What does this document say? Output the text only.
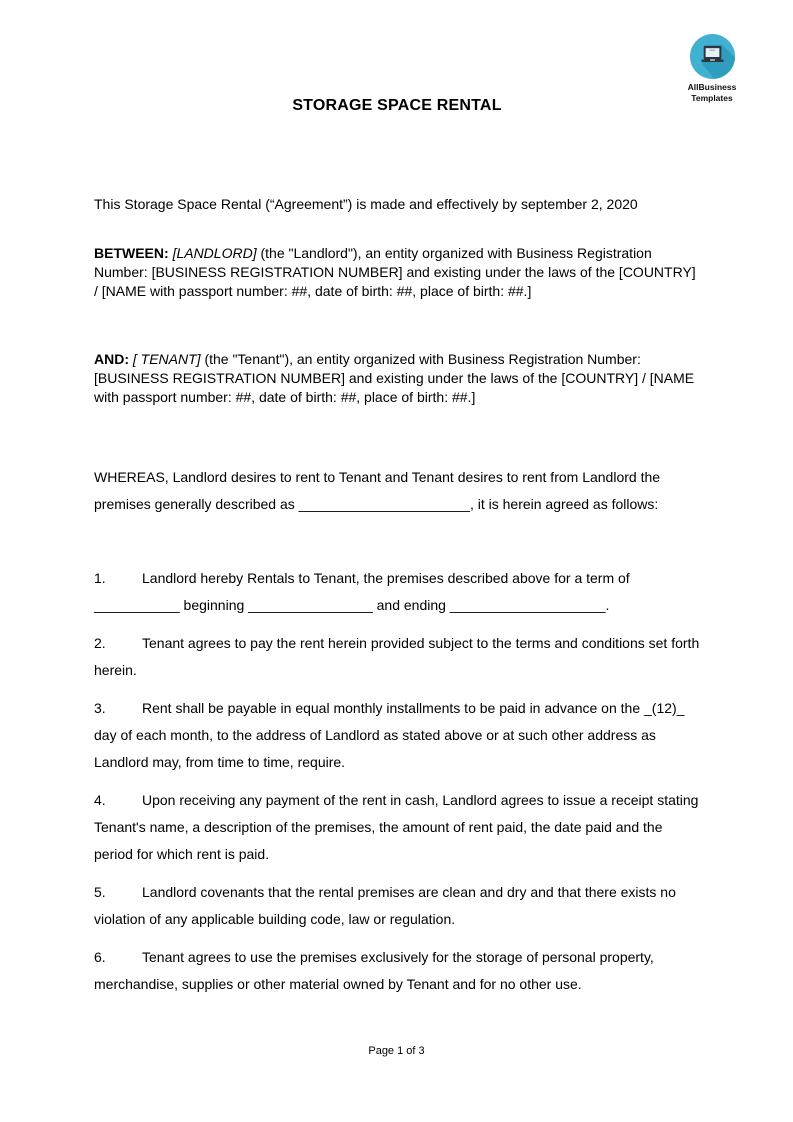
AllBusiness
Templates
STORAGE SPACE RENTAL

This Storage Space Rental (“Agreement”) is made and effectively by september 2, 2020

BETWEEN: [LANDLORD] (the "Landlord"), an entity organized with Business Registration Number: [BUSINESS REGISTRATION NUMBER] and existing under the laws of the [COUNTRY] / [NAME with passport number: ##, date of birth: ##, place of birth: ##.]

AND: [ TENANT] (the "Tenant"), an entity organized with Business Registration Number: [BUSINESS REGISTRATION NUMBER] and existing under the laws of the [COUNTRY] / [NAME with passport number: ##, date of birth: ##, place of birth: ##.]

WHEREAS, Landlord desires to rent to Tenant and Tenant desires to rent from Landlord the premises generally described as ______________________, it is herein agreed as follows:

1.	Landlord hereby Rentals to Tenant, the premises described above for a term of ___________ beginning ________________ and ending ____________________.

2.	Tenant agrees to pay the rent herein provided subject to the terms and conditions set forth herein.

3.	Rent shall be payable in equal monthly installments to be paid in advance on the _(12)_ day of each month, to the address of Landlord as stated above or at such other address as Landlord may, from time to time, require.

4.	Upon receiving any payment of the rent in cash, Landlord agrees to issue a receipt stating Tenant's name, a description of the premises, the amount of rent paid, the date paid and the period for which rent is paid.

5.	Landlord covenants that the rental premises are clean and dry and that there exists no violation of any applicable building code, law or regulation.

6.	Tenant agrees to use the premises exclusively for the storage of personal property, merchandise, supplies or other material owned by Tenant and for no other use.

Page 1 of 3
